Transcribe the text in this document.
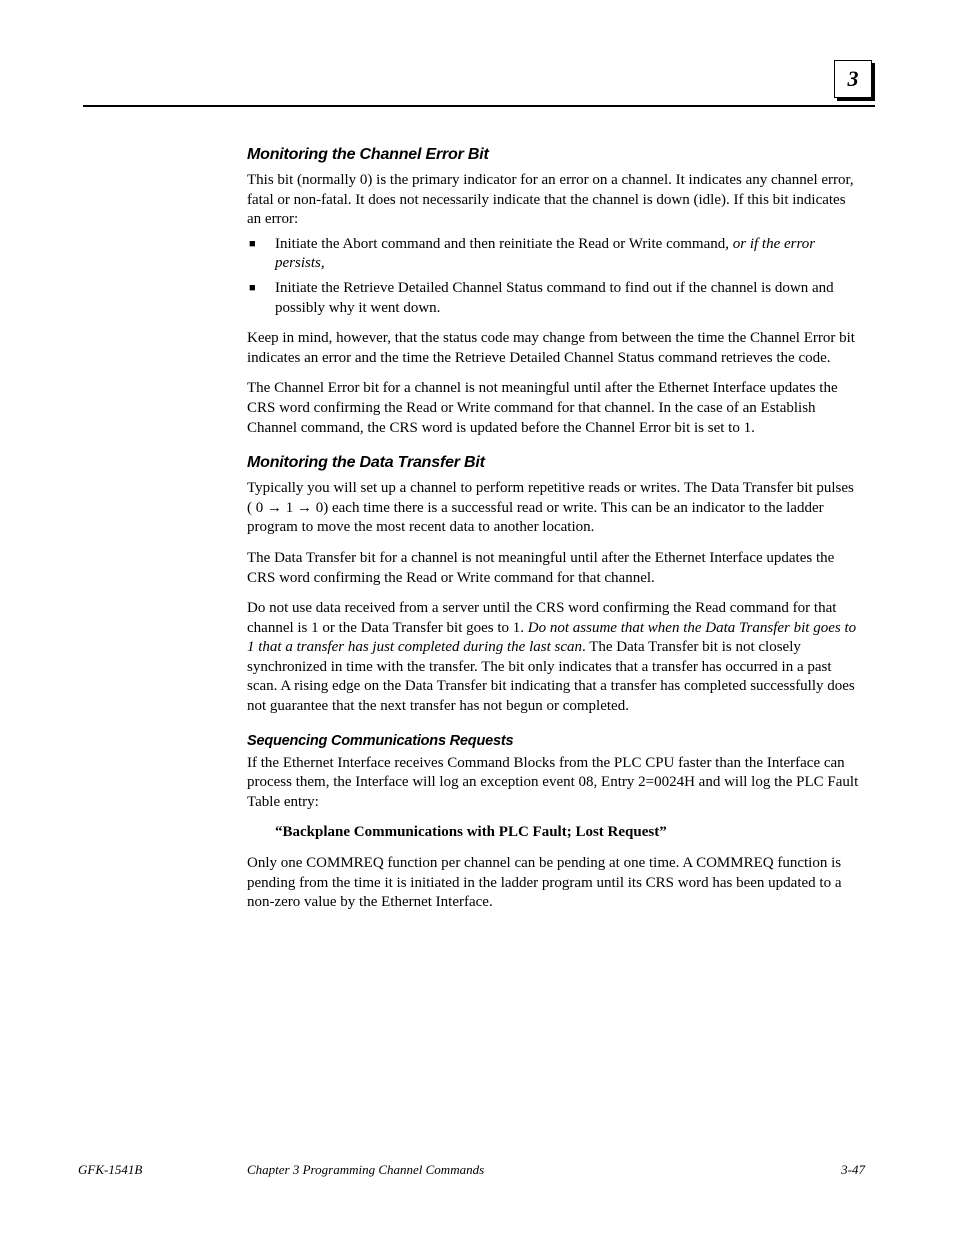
3
Monitoring the Channel Error Bit

This bit (normally 0) is the primary indicator for an error on a channel. It indicates any channel error, fatal or non-fatal. It does not necessarily indicate that the channel is down (idle). If this bit indicates an error:

■ Initiate the Abort command and then reinitiate the Read or Write command, or if the error persists,
■ Initiate the Retrieve Detailed Channel Status command to find out if the channel is down and possibly why it went down.

Keep in mind, however, that the status code may change from between the time the Channel Error bit indicates an error and the time the Retrieve Detailed Channel Status command retrieves the code.

The Channel Error bit for a channel is not meaningful until after the Ethernet Interface updates the CRS word confirming the Read or Write command for that channel. In the case of an Establish Channel command, the CRS word is updated before the Channel Error bit is set to 1.

Monitoring the Data Transfer Bit

Typically you will set up a channel to perform repetitive reads or writes. The Data Transfer bit pulses ( 0 → 1 → 0) each time there is a successful read or write. This can be an indicator to the ladder program to move the most recent data to another location.

The Data Transfer bit for a channel is not meaningful until after the Ethernet Interface updates the CRS word confirming the Read or Write command for that channel.

Do not use data received from a server until the CRS word confirming the Read command for that channel is 1 or the Data Transfer bit goes to 1. Do not assume that when the Data Transfer bit goes to 1 that a transfer has just completed during the last scan. The Data Transfer bit is not closely synchronized in time with the transfer. The bit only indicates that a transfer has occurred in a past scan. A rising edge on the Data Transfer bit indicating that a transfer has completed successfully does not guarantee that the next transfer has not begun or completed.

Sequencing Communications Requests

If the Ethernet Interface receives Command Blocks from the PLC CPU faster than the Interface can process them, the Interface will log an exception event 08, Entry 2=0024H and will log the PLC Fault Table entry:

“Backplane Communications with PLC Fault; Lost Request”

Only one COMMREQ function per channel can be pending at one time. A COMMREQ function is pending from the time it is initiated in the ladder program until its CRS word has been updated to a non-zero value by the Ethernet Interface.

GFK-1541B	Chapter 3 Programming Channel Commands	3-47
